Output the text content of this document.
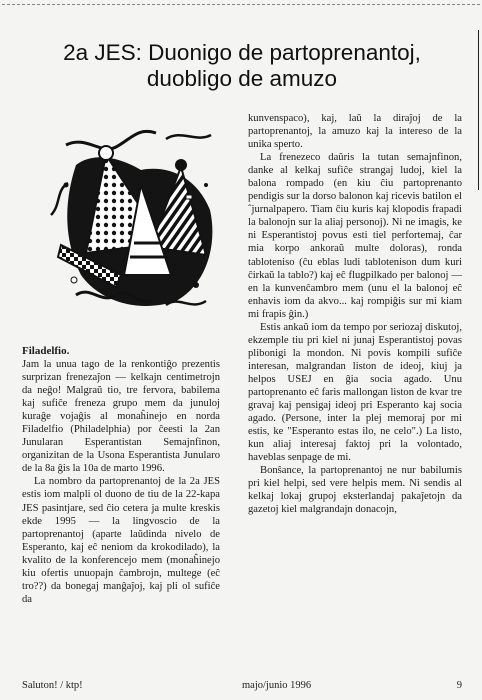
2a JES: Duonigo de partoprenantoj,
duobligo de amuzo
Filadelfio.

Jam la unua tago de la renkontiĝo prezentis surprizan frenezaĵon — kelkajn centimetrojn da neĝo! Malgraŭ tio, tre fervora, babilema kaj sufiĉe freneza grupo mem da junuloj kuraĝe vojaĝis al monaĥinejo en norda Filadelfio (Philadelphia) por ĉeesti la 2an Junularan Esperantistan Semajnfinon, organizitan de la Usona Esperantista Junularo de la 8a ĝis la 10a de marto 1996.

La nombro da partoprenantoj de la 2a JES estis iom malpli ol duono de tiu de la 22-kapa JES pasintjare, sed ĉio cetera ja multe kreskis ekde 1995 — la lingvoscio de la partoprenantoj (aparte laŭdinda nivelo de Esperanto, kaj eĉ neniom da krokodilado), la kvalito de la konferencejo mem (monaĥinejo kiu ofertis unuopajn ĉambrojn, multege (eĉ tro??) da bonegaj manĝaĵoj, kaj pli ol sufiĉe da

kunvenspaco), kaj, laŭ la diraĵoj de la partoprenantoj, la amuzo kaj la intereso de la unika sperto.

La frenezeco daŭris la tutan semajnfinon, danke al kelkaj sufiĉe strangaj ludoj, kiel la balona rompado (en kiu ĉiu partoprenanto pendigis sur la dorso balonon kaj ricevis batilon el ˆjurnalpapero. Tiam ĉiu kuris kaj klopodis frapadi la balonojn sur la aliaj personoj). Ni ne imagis, ke ni Esperantistoj povus esti tiel perfortemaj, ĉar mia korpo ankoraŭ multe doloras), ronda tablotenisо (ĉu eblas ludi tablotenison dum kuri ĉirkaŭ la tablo?) kaj eĉ flugpilkado per balonoj — en la kunvenĉambro mem (unu el la balonoj eĉ enhavis iom da akvo... kaj rompiĝis sur mi kiam mi frapis ĝin.)

Estis ankaŭ iom da tempo por seriozaj diskutoj, ekzemple tiu pri kiel ni junaj Esperantistoj povas plibonigi la mondon. Ni povis kompili sufiĉe interesan, malgrandan liston de ideoj, kiuj ja helpos USEJ en ĝia socia agado. Unu partoprenanto eĉ faris mallongan liston de kvar tre gravaj kaj pensigaj ideoj pri Esperanto kaj socia agado. (Persone, inter la plej memoraj por mi estis, ke "Esperanto estas ilo, ne celo".) La listo, kun aliaj interesaj faktoj pri la volontado, haveblas senpage de mi.

Bonŝance, la partoprenantoj ne nur babilumis pri kiel helpi, sed vere helpis mem. Ni sendis al kelkaj lokaj grupoj eksterlandaj pakaĵetojn da gazetoj kiel malgrandajn donacojn,

Saluton! / ktp!	majo/junio 1996	9
